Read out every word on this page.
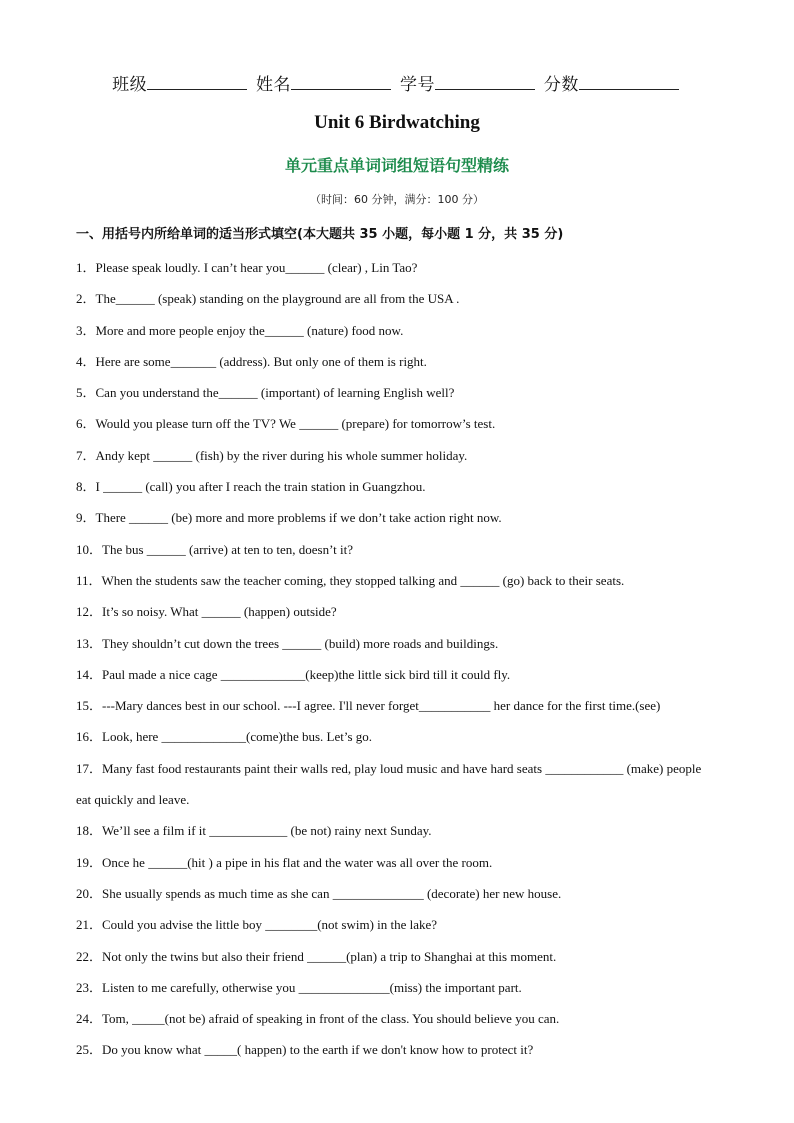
班级	姓名	学号	分数
Unit 6 Birdwatching
单元重点单词词组短语句型精练
（时间：60 分钟，满分：100 分）
一、用括号内所给单词的适当形式填空(本大题共 35 小题，每小题 1 分，共 35 分)
1．Please speak loudly. I can’t hear you______ (clear) , Lin Tao?
2．The______ (speak) standing on the playground are all from the USA .
3．More and more people enjoy the______ (nature) food now.
4．Here are some_______ (address). But only one of them is right.
5．Can you understand the______ (important) of learning English well?
6．Would you please turn off the TV? We ______ (prepare) for tomorrow’s test.
7．Andy kept ______ (fish) by the river during his whole summer holiday.
8．I ______ (call) you after I reach the train station in Guangzhou.
9．There ______ (be) more and more problems if we don’t take action right now.
10．The bus ______ (arrive) at ten to ten, doesn’t it?
11．When the students saw the teacher coming, they stopped talking and ______ (go) back to their seats.
12．It’s so noisy. What ______ (happen) outside?
13．They shouldn’t cut down the trees ______ (build) more roads and buildings.
14．Paul made a nice cage _____________(keep)the little sick bird till it could fly.
15．---Mary dances best in our school. ---I agree. I'll never forget___________ her dance for the first time.(see)
16．Look, here _____________(come)the bus. Let’s go.
17．Many fast food restaurants paint their walls red, play loud music and have hard seats ____________ (make) people eat quickly and leave.
18．We’ll see a film if it ____________ (be not) rainy next Sunday.
19．Once he ______(hit ) a pipe in his flat and the water was all over the room.
20．She usually spends as much time as she can ______________ (decorate) her new house.
21．Could you advise the little boy ________(not swim) in the lake?
22．Not only the twins but also their friend ______(plan) a trip to Shanghai at this moment.
23．Listen to me carefully, otherwise you ______________(miss) the important part.
24．Tom, _____(not be) afraid of speaking in front of the class. You should believe you can.
25．Do you know what _____( happen) to the earth if we don't know how to protect it?
